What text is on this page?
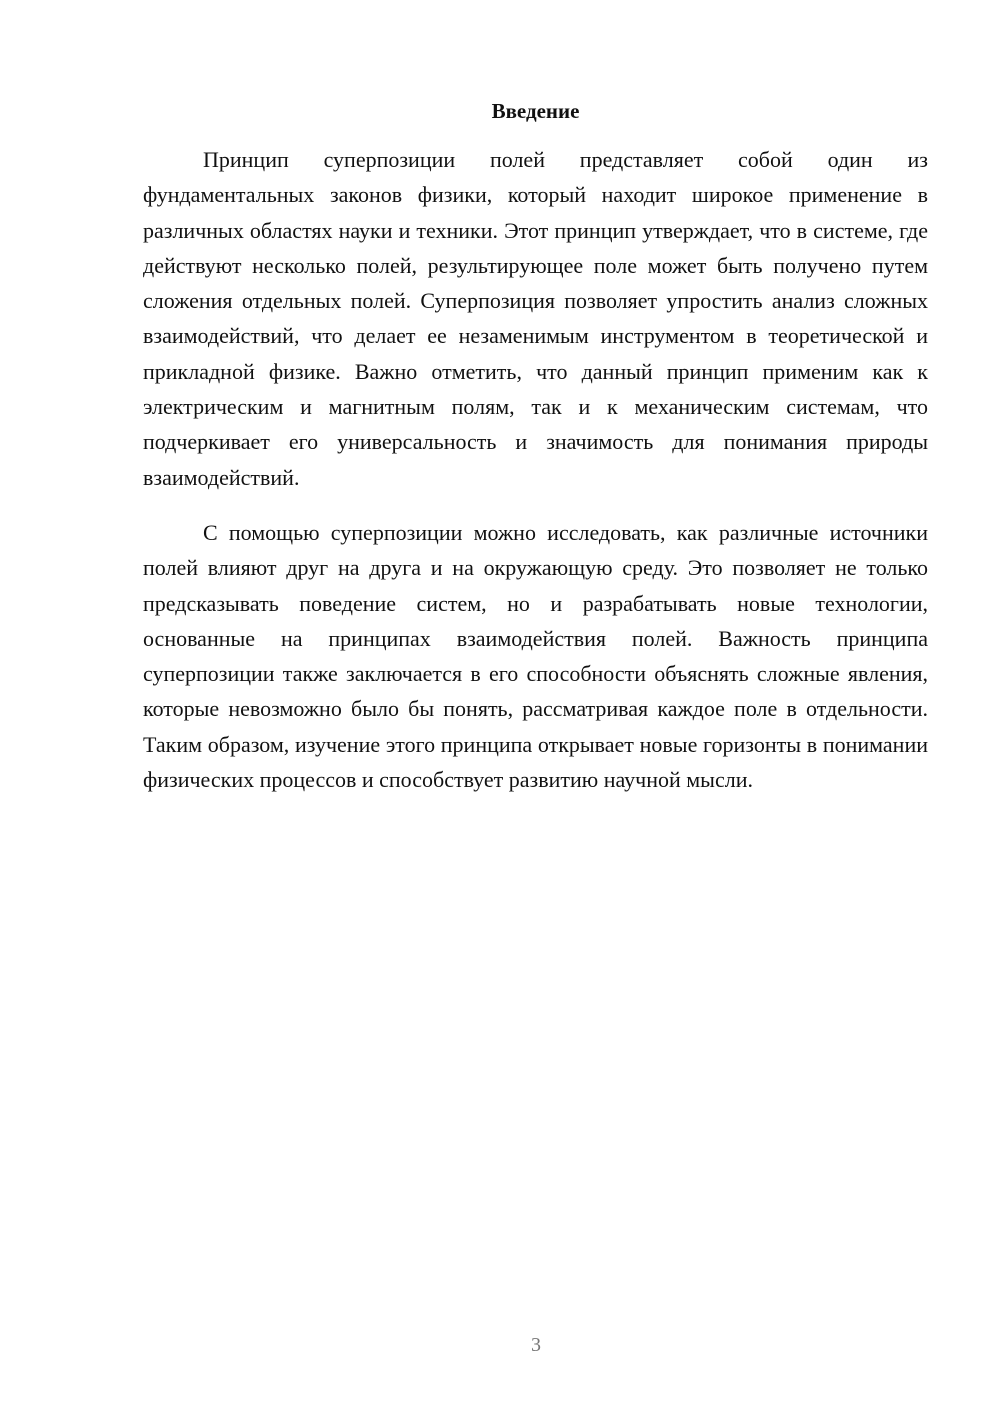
Введение

Принцип суперпозиции полей представляет собой один из фундаментальных законов физики, который находит широкое применение в различных областях науки и техники. Этот принцип утверждает, что в системе, где действуют несколько полей, результирующее поле может быть получено путем сложения отдельных полей. Суперпозиция позволяет упростить анализ сложных взаимодействий, что делает ее незаменимым инструментом в теоретической и прикладной физике. Важно отметить, что данный принцип применим как к электрическим и магнитным полям, так и к механическим системам, что подчеркивает его универсальность и значимость для понимания природы взаимодействий.

С помощью суперпозиции можно исследовать, как различные источники полей влияют друг на друга и на окружающую среду. Это позволяет не только предсказывать поведение систем, но и разрабатывать новые технологии, основанные на принципах взаимодействия полей. Важность принципа суперпозиции также заключается в его способности объяснять сложные явления, которые невозможно было бы понять, рассматривая каждое поле в отдельности. Таким образом, изучение этого принципа открывает новые горизонты в понимании физических процессов и способствует развитию научной мысли.

3
